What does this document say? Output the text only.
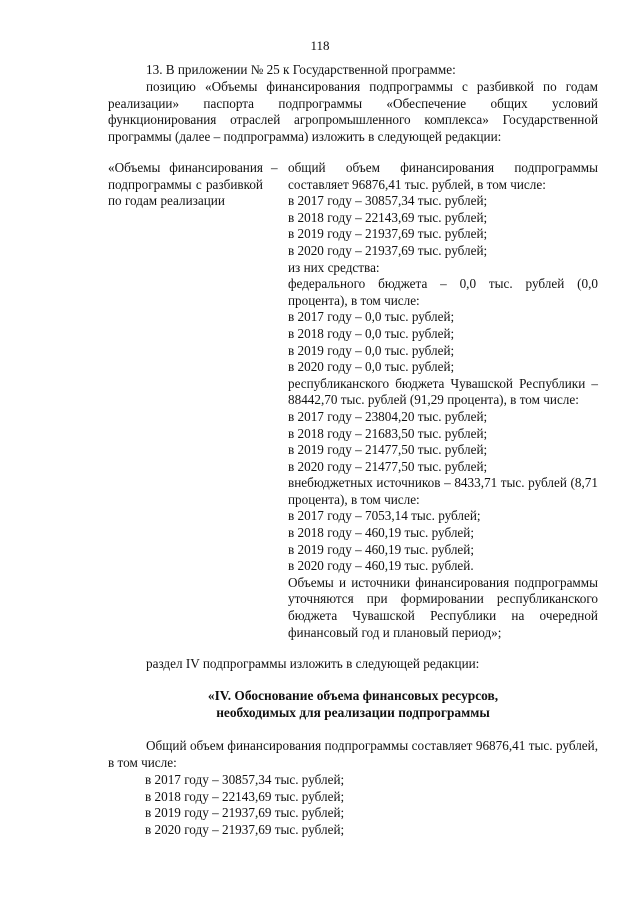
118
13. В приложении № 25 к Государственной программе:
позицию «Объемы финансирования подпрограммы с разбивкой по годам реализации» паспорта подпрограммы «Обеспечение общих условий функционирования отраслей агропромышленного комплекса» Государственной программы (далее – подпрограмма) изложить в следующей редакции:
«Объемы финансирования подпрограммы с разбивкой по годам реализации
– общий объем финансирования подпрограммы составляет 96876,41 тыс. рублей, в том числе:
в 2017 году – 30857,34 тыс. рублей;
в 2018 году – 22143,69 тыс. рублей;
в 2019 году – 21937,69 тыс. рублей;
в 2020 году – 21937,69 тыс. рублей;
из них средства:
федерального бюджета – 0,0 тыс. рублей (0,0 процента), в том числе:
в 2017 году – 0,0 тыс. рублей;
в 2018 году – 0,0 тыс. рублей;
в 2019 году – 0,0 тыс. рублей;
в 2020 году – 0,0 тыс. рублей;
республиканского бюджета Чувашской Республики – 88442,70 тыс. рублей (91,29 процента), в том числе:
в 2017 году – 23804,20 тыс. рублей;
в 2018 году – 21683,50 тыс. рублей;
в 2019 году – 21477,50 тыс. рублей;
в 2020 году – 21477,50 тыс. рублей;
внебюджетных источников – 8433,71 тыс. рублей (8,71 процента), в том числе:
в 2017 году – 7053,14 тыс. рублей;
в 2018 году – 460,19 тыс. рублей;
в 2019 году – 460,19 тыс. рублей;
в 2020 году – 460,19 тыс. рублей.
Объемы и источники финансирования подпрограммы уточняются при формировании республиканского бюджета Чувашской Республики на очередной финансовый год и плановый период»;
раздел IV подпрограммы изложить в следующей редакции:
«IV. Обоснование объема финансовых ресурсов,
необходимых для реализации подпрограммы
Общий объем финансирования подпрограммы составляет 96876,41 тыс. рублей, в том числе:
в 2017 году – 30857,34 тыс. рублей;
в 2018 году – 22143,69 тыс. рублей;
в 2019 году – 21937,69 тыс. рублей;
в 2020 году – 21937,69 тыс. рублей;
